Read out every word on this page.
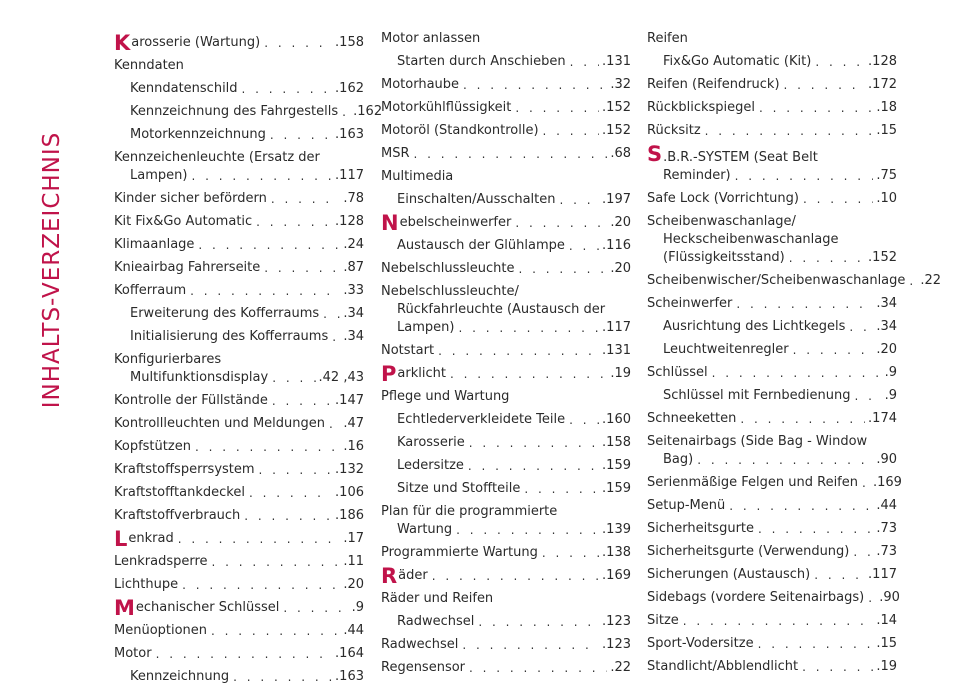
INHALTS-VERZEICHNIS
K arosserie (Wartung) . . .	.158
Kenndaten
Kenndatenschild . . .	.162
Kennzeichnung des Fahrgestells . . . .162
Motorkennzeichnung . . .	.163
Kennzeichenleuchte (Ersatz der
Lampen) . . .	.117
Kinder sicher befördern . . .	.78
Kit Fix&Go Automatic . . .	.128
Klimaanlage . . .	.24
Knieairbag Fahrerseite . . .	.87
Kofferraum . . .	.33
Erweiterung des Kofferraums . . . .34
Initialisierung des Kofferraums . . . .34
Konfigurierbares
Multifunktionsdisplay . . .	.42 ,43
Kontrolle der Füllstände . . .	.147
Kontrollleuchten und Meldungen . . . .47
Kopfstützen . . .	.16
Kraftstoffsperrsystem . . .	.132
Kraftstofftankdeckel . . .	.106
Kraftstoffverbrauch . . .	.186
L enkrad . . .	.17
Lenkradsperre . . .	.11
Lichthupe . . .	.20
M echanischer Schlüssel . . .	.9
Menüoptionen . . .	.44
Motor . . .	.164
Kennzeichnung . . .	.163
Motor anlassen
Starten durch Anschieben . . .	.131
Motorhaube . . .	.32
Motorkühlflüssigkeit . . .	.152
Motoröl (Standkontrolle) . . .	.152
MSR . . .	.68
Multimedia
Einschalten/Ausschalten . . .	.197
N ebelscheinwerfer . . .	.20
Austausch der Glühlampe . . .	.116
Nebelschlussleuchte . . .	.20
Nebelschlussleuchte/
Rückfahrleuchte (Austausch der
Lampen) . . .	.117
Notstart . . .	.131
P arklicht . . .	.19
Pflege und Wartung
Echtlederverkleidete Teile . . .	.160
Karosserie . . .	.158
Ledersitze . . .	.159
Sitze und Stoffteile . . .	.159
Plan für die programmierte
Wartung . . .	.139
Programmierte Wartung . . .	.138
R äder . . .	.169
Räder und Reifen
Radwechsel . . .	.123
Radwechsel . . .	.123
Regensensor . . .	.22
Reifen
Fix&Go Automatic (Kit) . . .	.128
Reifen (Reifendruck) . . .	.172
Rückblickspiegel . . .	.18
Rücksitz . . .	.15
S.B.R.-SYSTEM (Seat Belt
Reminder) . . .	.75
Safe Lock (Vorrichtung) . . .	.10
Scheibenwaschanlage/
Heckscheibenwaschanlage
(Flüssigkeitsstand) . . .	.152
Scheibenwischer/Scheibenwaschanlage . . . .22
Scheinwerfer . . .	.34
Ausrichtung des Lichtkegels . . . .34
Leuchtweitenregler . . .	.20
Schlüssel . . .	.9
Schlüssel mit Fernbedienung . . .	.9
Schneeketten . . .	.174
Seitenairbags (Side Bag - Window
Bag) . . .	.90
Serienmäßige Felgen und Reifen . . . .169
Setup-Menü . . .	.44
Sicherheitsgurte . . .	.73
Sicherheitsgurte (Verwendung) . . . .73
Sicherungen (Austausch) . . .	.117
Sidebags (vordere Seitenairbags) . . . .90
Sitze . . .	.14
Sport-Vodersitze . . .	.15
Standlicht/Abblendlicht . . .	.19
